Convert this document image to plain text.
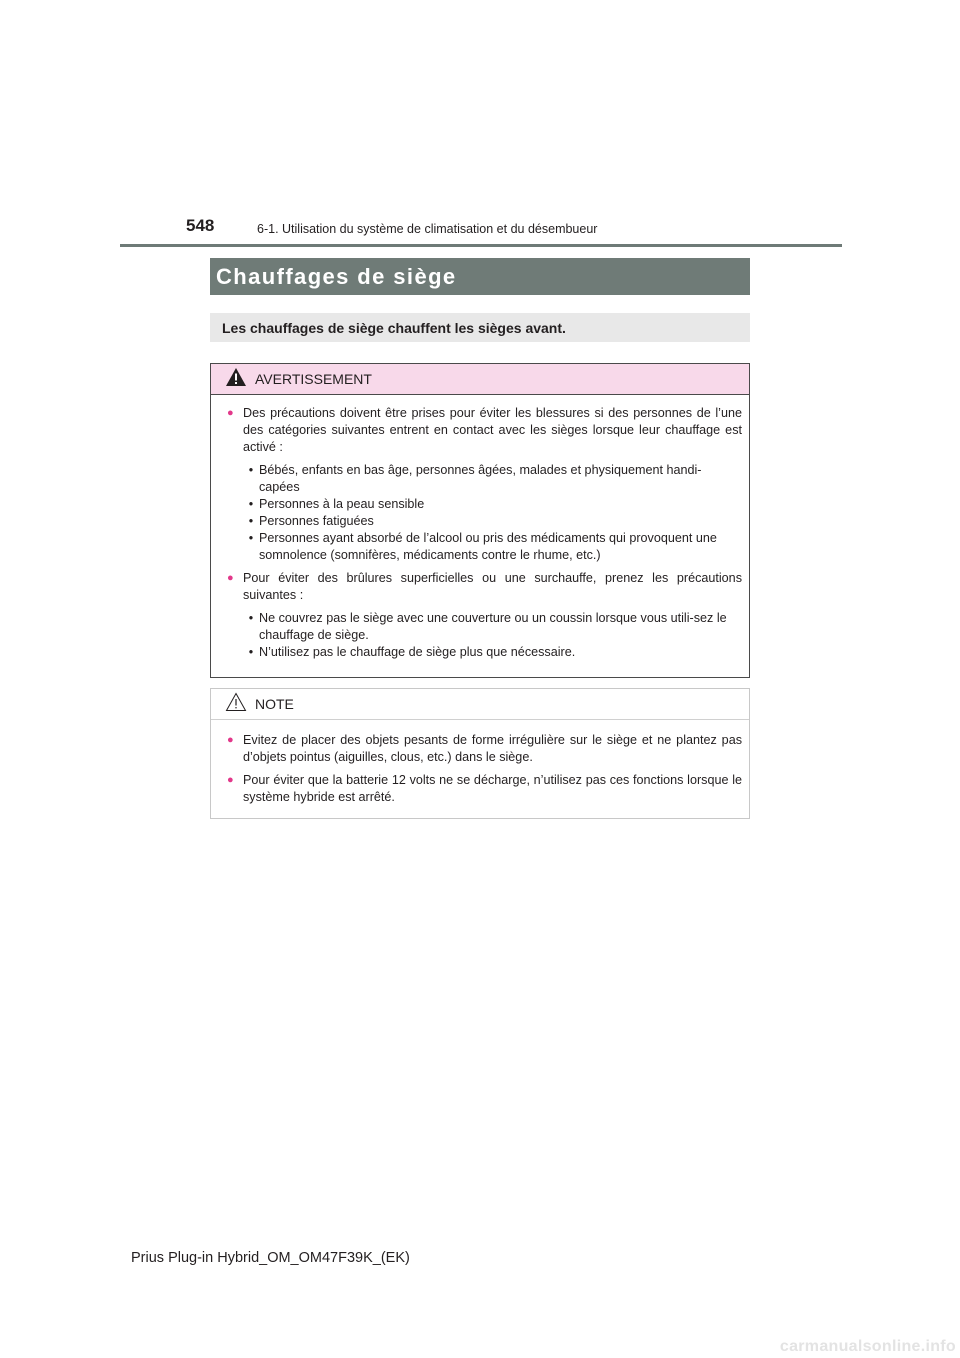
548	6-1. Utilisation du système de climatisation et du désembueur
Chauffages de siège
Les chauffages de siège chauffent les sièges avant.
AVERTISSEMENT
● Des précautions doivent être prises pour éviter les blessures si des personnes de l’une des catégories suivantes entrent en contact avec les sièges lorsque leur chauffage est activé :
• Bébés, enfants en bas âge, personnes âgées, malades et physiquement handi-capées
• Personnes à la peau sensible
• Personnes fatiguées
• Personnes ayant absorbé de l’alcool ou pris des médicaments qui provoquent une somnolence (somnifères, médicaments contre le rhume, etc.)
● Pour éviter des brûlures superficielles ou une surchauffe, prenez les précautions suivantes :
• Ne couvrez pas le siège avec une couverture ou un coussin lorsque vous utili-sez le chauffage de siège.
• N’utilisez pas le chauffage de siège plus que nécessaire.
NOTE
● Evitez de placer des objets pesants de forme irrégulière sur le siège et ne plantez pas d’objets pointus (aiguilles, clous, etc.) dans le siège.
● Pour éviter que la batterie 12 volts ne se décharge, n’utilisez pas ces fonctions lorsque le système hybride est arrêté.
Prius Plug-in Hybrid_OM_OM47F39K_(EK)
carmanualsonline.info
